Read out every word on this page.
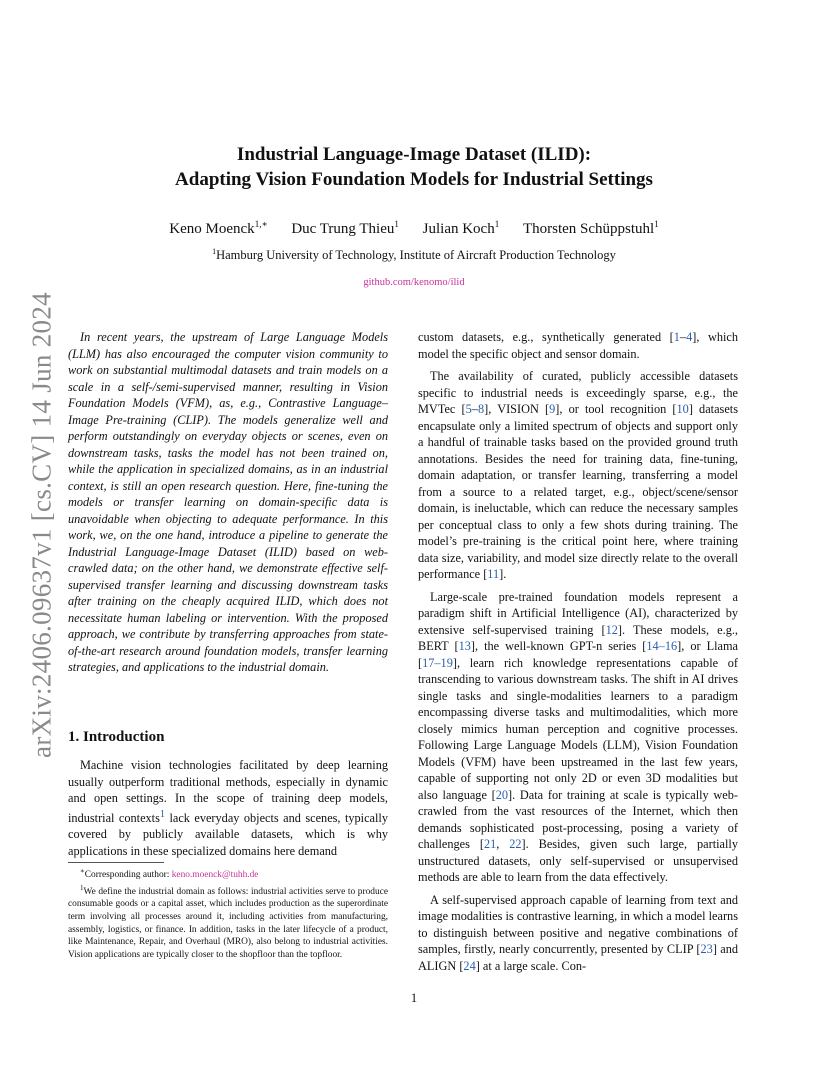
arXiv:2406.09637v1 [cs.CV] 14 Jun 2024
Industrial Language-Image Dataset (ILID):
Adapting Vision Foundation Models for Industrial Settings
Keno Moenck$^{1,∗}$ Duc Trung Thieu$^1$ Julian Koch$^1$ Thorsten Schüppstuhl$^1$
$^1$Hamburg University of Technology, Institute of Aircraft Production Technology
github.com/kenomo/ilid

In recent years, the upstream of Large Language Models (LLM) has also encouraged the computer vision community to work on substantial multimodal datasets and train models on a scale in a self-/semi-supervised manner, resulting in Vision Foundation Models (VFM), as, e.g., Contrastive Language–Image Pre-training (CLIP). The models generalize well and perform outstandingly on everyday objects or scenes, even on downstream tasks, tasks the model has not been trained on, while the application in specialized domains, as in an industrial context, is still an open research question. Here, fine-tuning the models or transfer learning on domain-specific data is unavoidable when objecting to adequate performance. In this work, we, on the one hand, introduce a pipeline to generate the Industrial Language-Image Dataset (ILID) based on web-crawled data; on the other hand, we demonstrate effective self-supervised transfer learning and discussing downstream tasks after training on the cheaply acquired ILID, which does not necessitate human labeling or intervention. With the proposed approach, we contribute by transferring approaches from state-of-the-art research around foundation models, transfer learning strategies, and applications to the industrial domain.

1. Introduction

Machine vision technologies facilitated by deep learning usually outperform traditional methods, especially in dynamic and open settings. In the scope of training deep models, industrial contexts$^1$ lack everyday objects and scenes, typically covered by publicly available datasets, which is why applications in these specialized domains here demand

∗Corresponding author: keno.moenck@tuhh.de

$^1$We define the industrial domain as follows: industrial activities serve to produce consumable goods or a capital asset, which includes production as the superordinate term involving all processes around it, including activities from manufacturing, assembly, logistics, or finance. In addition, tasks in the later lifecycle of a product, like Maintenance, Repair, and Overhaul (MRO), also belong to industrial activities. Vision applications are typically closer to the shopfloor than the topfloor.

custom datasets, e.g., synthetically generated [1–4], which model the specific object and sensor domain.

The availability of curated, publicly accessible datasets specific to industrial needs is exceedingly sparse, e.g., the MVTec [5–8], VISION [9], or tool recognition [10] datasets encapsulate only a limited spectrum of objects and support only a handful of trainable tasks based on the provided ground truth annotations. Besides the need for training data, fine-tuning, domain adaptation, or transfer learning, transferring a model from a source to a related target, e.g., object/scene/sensor domain, is ineluctable, which can reduce the necessary samples per conceptual class to only a few shots during training. The model’s pre-training is the critical point here, where training data size, variability, and model size directly relate to the overall performance [11].

Large-scale pre-trained foundation models represent a paradigm shift in Artificial Intelligence (AI), characterized by extensive self-supervised training [12]. These models, e.g., BERT [13], the well-known GPT-n series [14–16], or Llama [17–19], learn rich knowledge representations capable of transcending to various downstream tasks. The shift in AI drives single tasks and single-modalities learners to a paradigm encompassing diverse tasks and multimodalities, which more closely mimics human perception and cognitive processes. Following Large Language Models (LLM), Vision Foundation Models (VFM) have been upstreamed in the last few years, capable of supporting not only 2D or even 3D modalities but also language [20]. Data for training at scale is typically web-crawled from the vast resources of the Internet, which then demands sophisticated post-processing, posing a variety of challenges [21, 22]. Besides, given such large, partially unstructured datasets, only self-supervised or unsupervised methods are able to learn from the data effectively.

A self-supervised approach capable of learning from text and image modalities is contrastive learning, in which a model learns to distinguish between positive and negative combinations of samples, firstly, nearly concurrently, presented by CLIP [23] and ALIGN [24] at a large scale. Con-

1
